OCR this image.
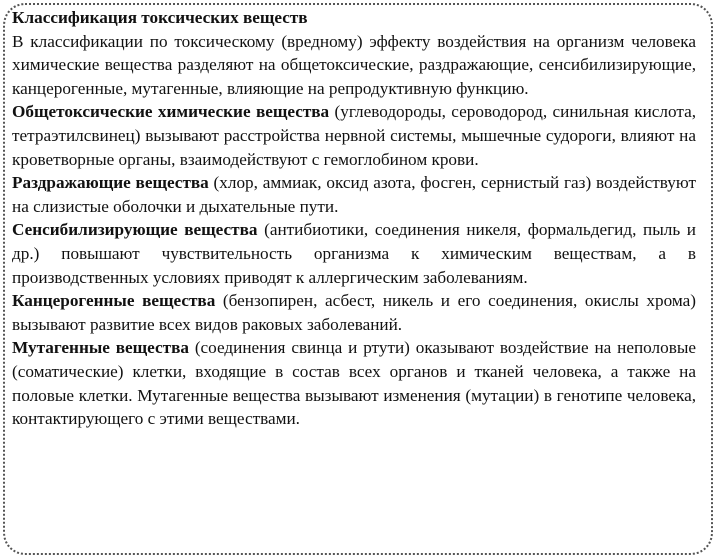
Классификация токсических веществ

В классификации по токсическому (вредному) эффекту воздействия на организм человека химические вещества разделяют на общетоксические, раздражающие, сенсибилизирующие, канцерогенные, мутагенные, влияющие на репродуктивную функцию.

Общетоксические химические вещества (углеводороды, сероводород, синильная кислота, тетраэтилсвинец) вызывают расстройства нервной системы, мышечные судороги, влияют на кроветворные органы, взаимодействуют с гемоглобином крови.

Раздражающие вещества (хлор, аммиак, оксид азота, фосген, сернистый газ) воздействуют на слизистые оболочки и дыхательные пути.

Сенсибилизирующие вещества (антибиотики, соединения никеля, формальдегид, пыль и др.) повышают чувствительность организма к химическим веществам, а в производственных условиях приводят к аллергическим заболеваниям.

Канцерогенные вещества (бензопирен, асбест, никель и его соединения, окислы хрома) вызывают развитие всех видов раковых заболеваний.

Мутагенные вещества (соединения свинца и ртути) оказывают воздействие на неполовые (соматические) клетки, входящие в состав всех органов и тканей человека, а также на половые клетки. Мутагенные вещества вызывают изменения (мутации) в генотипе человека, контактирующего с этими веществами.
